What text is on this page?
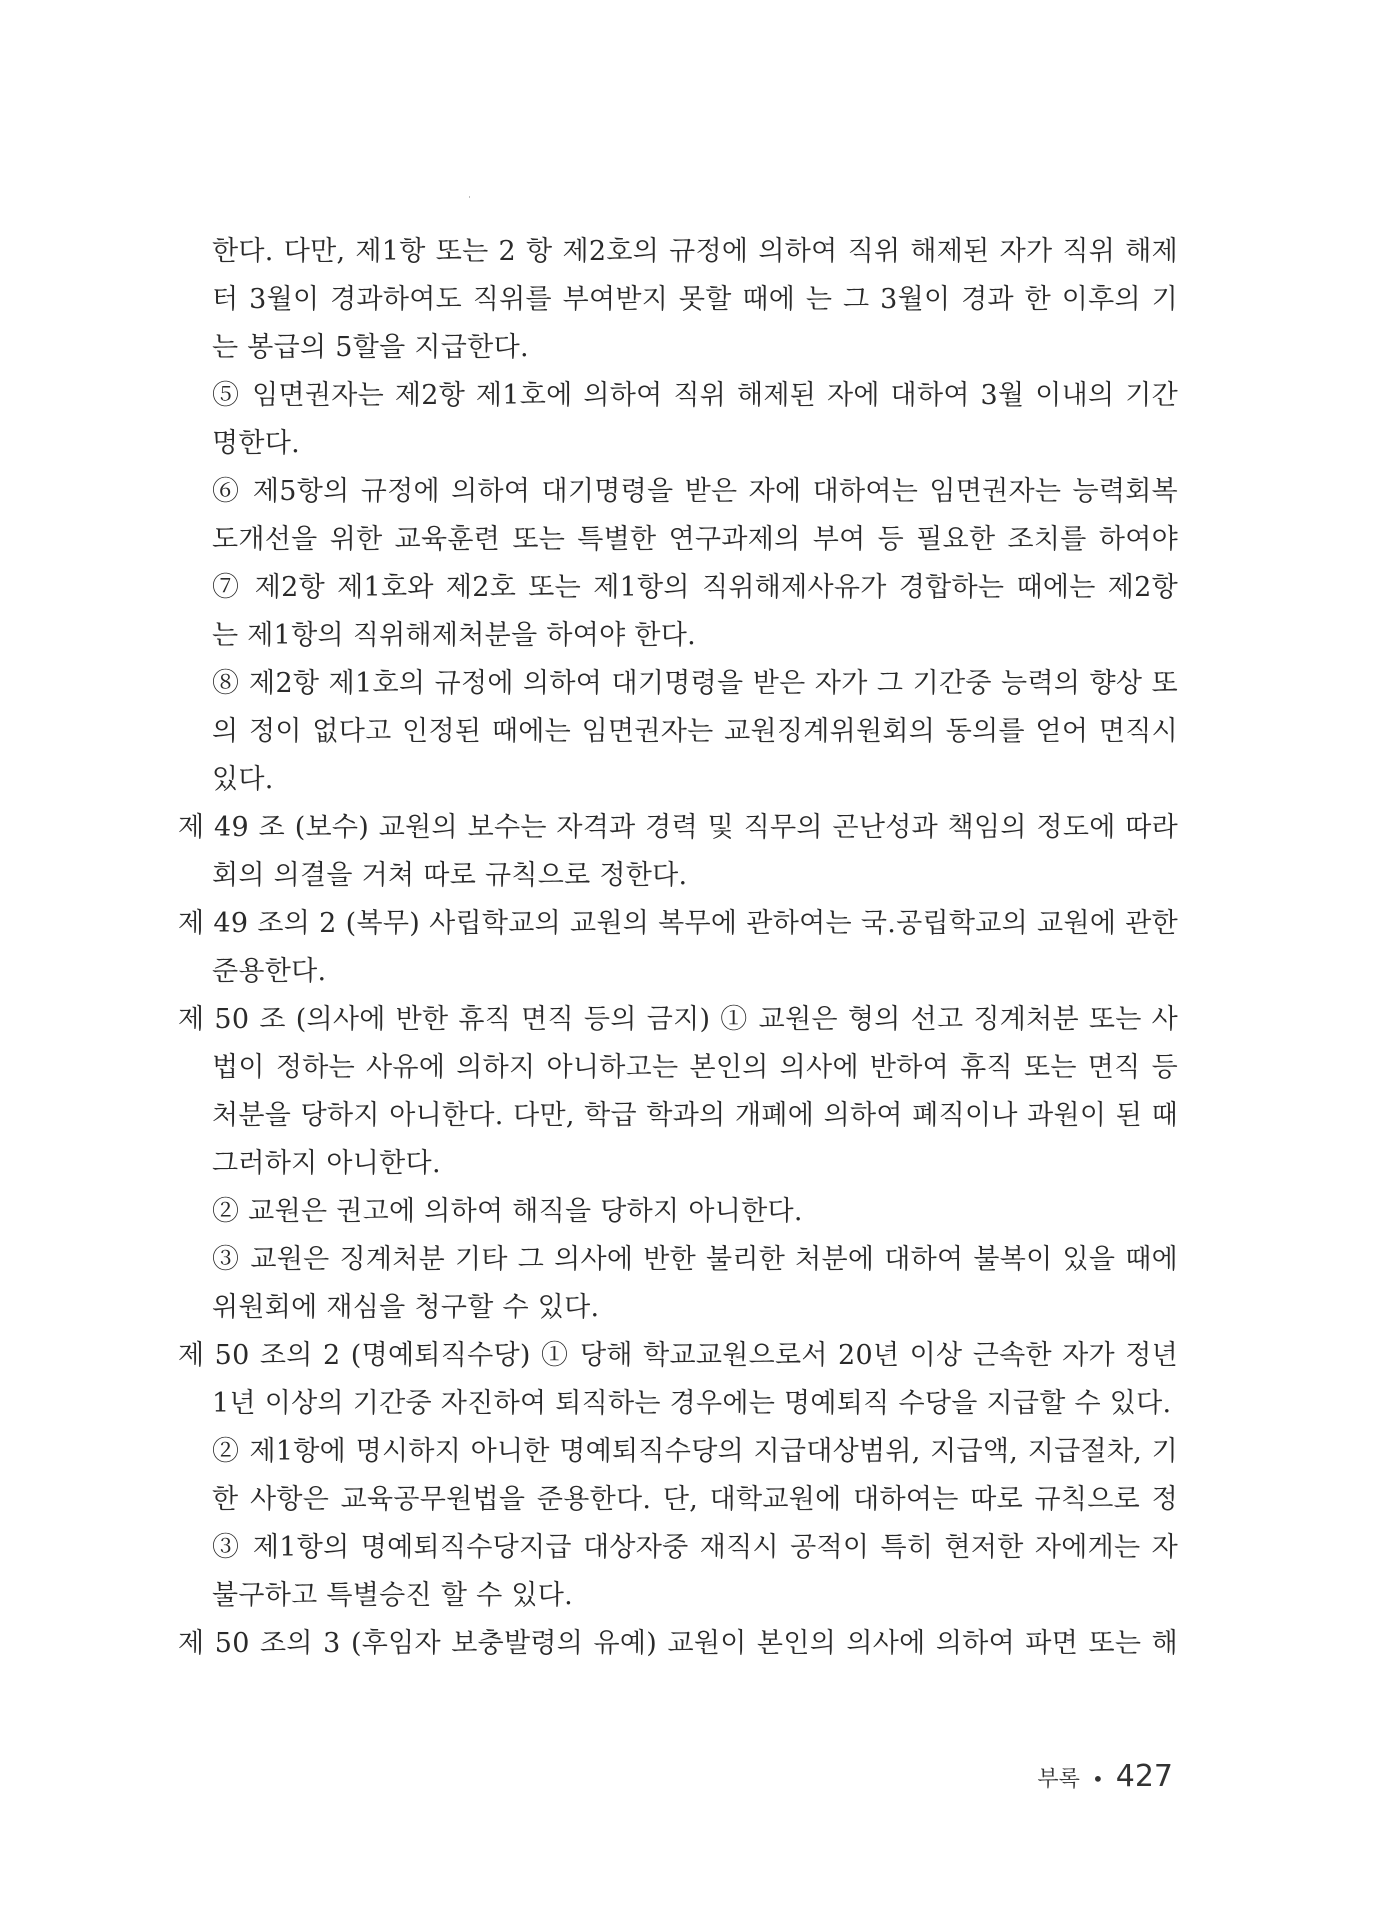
한다. 다만, 제1항 또는 2 항 제2호의 규정에 의하여 직위 해제된 자가 직위 해제
터 3월이 경과하여도 직위를 부여받지 못할 때에 는 그 3월이 경과 한 이후의 기
는 봉급의 5할을 지급한다.
⑤ 임면권자는 제2항 제1호에 의하여 직위 해제된 자에 대하여 3월 이내의 기간
명한다.
⑥ 제5항의 규정에 의하여 대기명령을 받은 자에 대하여는 임면권자는 능력회복
도개선을 위한 교육훈련 또는 특별한 연구과제의 부여 등 필요한 조치를 하여야
⑦ 제2항 제1호와 제2호 또는 제1항의 직위해제사유가 경합하는 때에는 제2항
는 제1항의 직위해제처분을 하여야 한다.
⑧ 제2항 제1호의 규정에 의하여 대기명령을 받은 자가 그 기간중 능력의 향상 또
의 정이 없다고 인정된 때에는 임면권자는 교원징계위원회의 동의를 얻어 면직시
있다.
제 49 조 (보수) 교원의 보수는 자격과 경력 및 직무의 곤난성과 책임의 정도에 따라
회의 의결을 거쳐 따로 규칙으로 정한다.
제 49 조의 2 (복무) 사립학교의 교원의 복무에 관하여는 국.공립학교의 교원에 관한
준용한다.
제 50 조 (의사에 반한 휴직 면직 등의 금지) ① 교원은 형의 선고 징계처분 또는 사
법이 정하는 사유에 의하지 아니하고는 본인의 의사에 반하여 휴직 또는 면직 등
처분을 당하지 아니한다. 다만, 학급 학과의 개폐에 의하여 폐직이나 과원이 된 때
그러하지 아니한다.
② 교원은 권고에 의하여 해직을 당하지 아니한다.
③ 교원은 징계처분 기타 그 의사에 반한 불리한 처분에 대하여 불복이 있을 때에
위원회에 재심을 청구할 수 있다.
제 50 조의 2 (명예퇴직수당) ① 당해 학교교원으로서 20년 이상 근속한 자가 정년
1년 이상의 기간중 자진하여 퇴직하는 경우에는 명예퇴직 수당을 지급할 수 있다.
② 제1항에 명시하지 아니한 명예퇴직수당의 지급대상범위, 지급액, 지급절차, 기
한 사항은 교육공무원법을 준용한다. 단, 대학교원에 대하여는 따로 규칙으로 정
③ 제1항의 명예퇴직수당지급 대상자중 재직시 공적이 특히 현저한 자에게는 자
불구하고 특별승진 할 수 있다.
제 50 조의 3 (후임자 보충발령의 유예) 교원이 본인의 의사에 의하여 파면 또는 해
부록 • 427
